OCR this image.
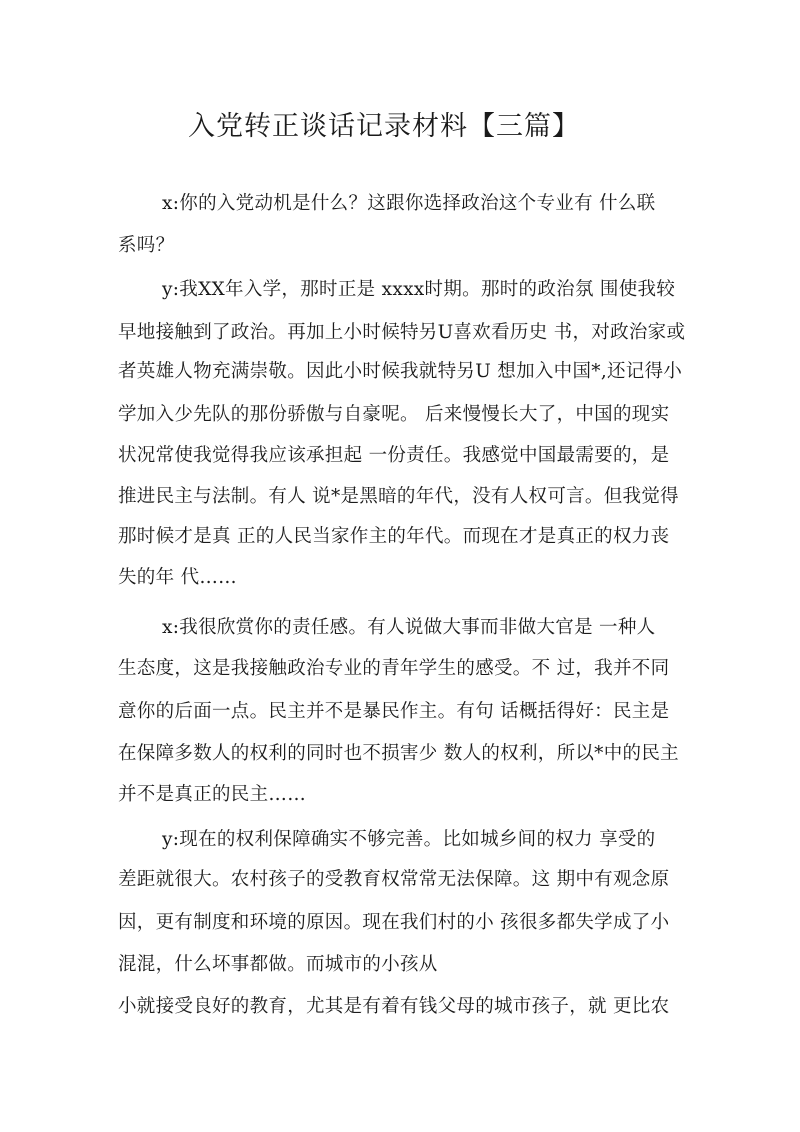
入党转正谈话记录材料【三篇】
x:你的入党动机是什么？这跟你选择政治这个专业有 什么联
系吗？
y:我XX年入学，那时正是 xxxx时期。那时的政治氛 围使我较
早地接触到了政治。再加上小时候特另U喜欢看历史 书，对政治家或
者英雄人物充满崇敬。因此小时候我就特另U 想加入中国*,还记得小
学加入少先队的那份骄傲与自豪呢。 后来慢慢长大了，中国的现实
状况常使我觉得我应该承担起 一份责任。我感觉中国最需要的，是
推进民主与法制。有人 说*是黑暗的年代，没有人权可言。但我觉得
那时候才是真 正的人民当家作主的年代。而现在才是真正的权力丧
失的年 代……
x:我很欣赏你的责任感。有人说做大事而非做大官是 一种人
生态度，这是我接触政治专业的青年学生的感受。不 过，我并不同
意你的后面一点。民主并不是暴民作主。有句 话概括得好：民主是
在保障多数人的权利的同时也不损害少 数人的权利，所以*中的民主
并不是真正的民主……
y:现在的权利保障确实不够完善。比如城乡间的权力 享受的
差距就很大。农村孩子的受教育权常常无法保障。这 期中有观念原
因，更有制度和环境的原因。现在我们村的小 孩很多都失学成了小
混混，什么坏事都做。而城市的小孩从
小就接受良好的教育，尤其是有着有钱父母的城市孩子，就 更比农
